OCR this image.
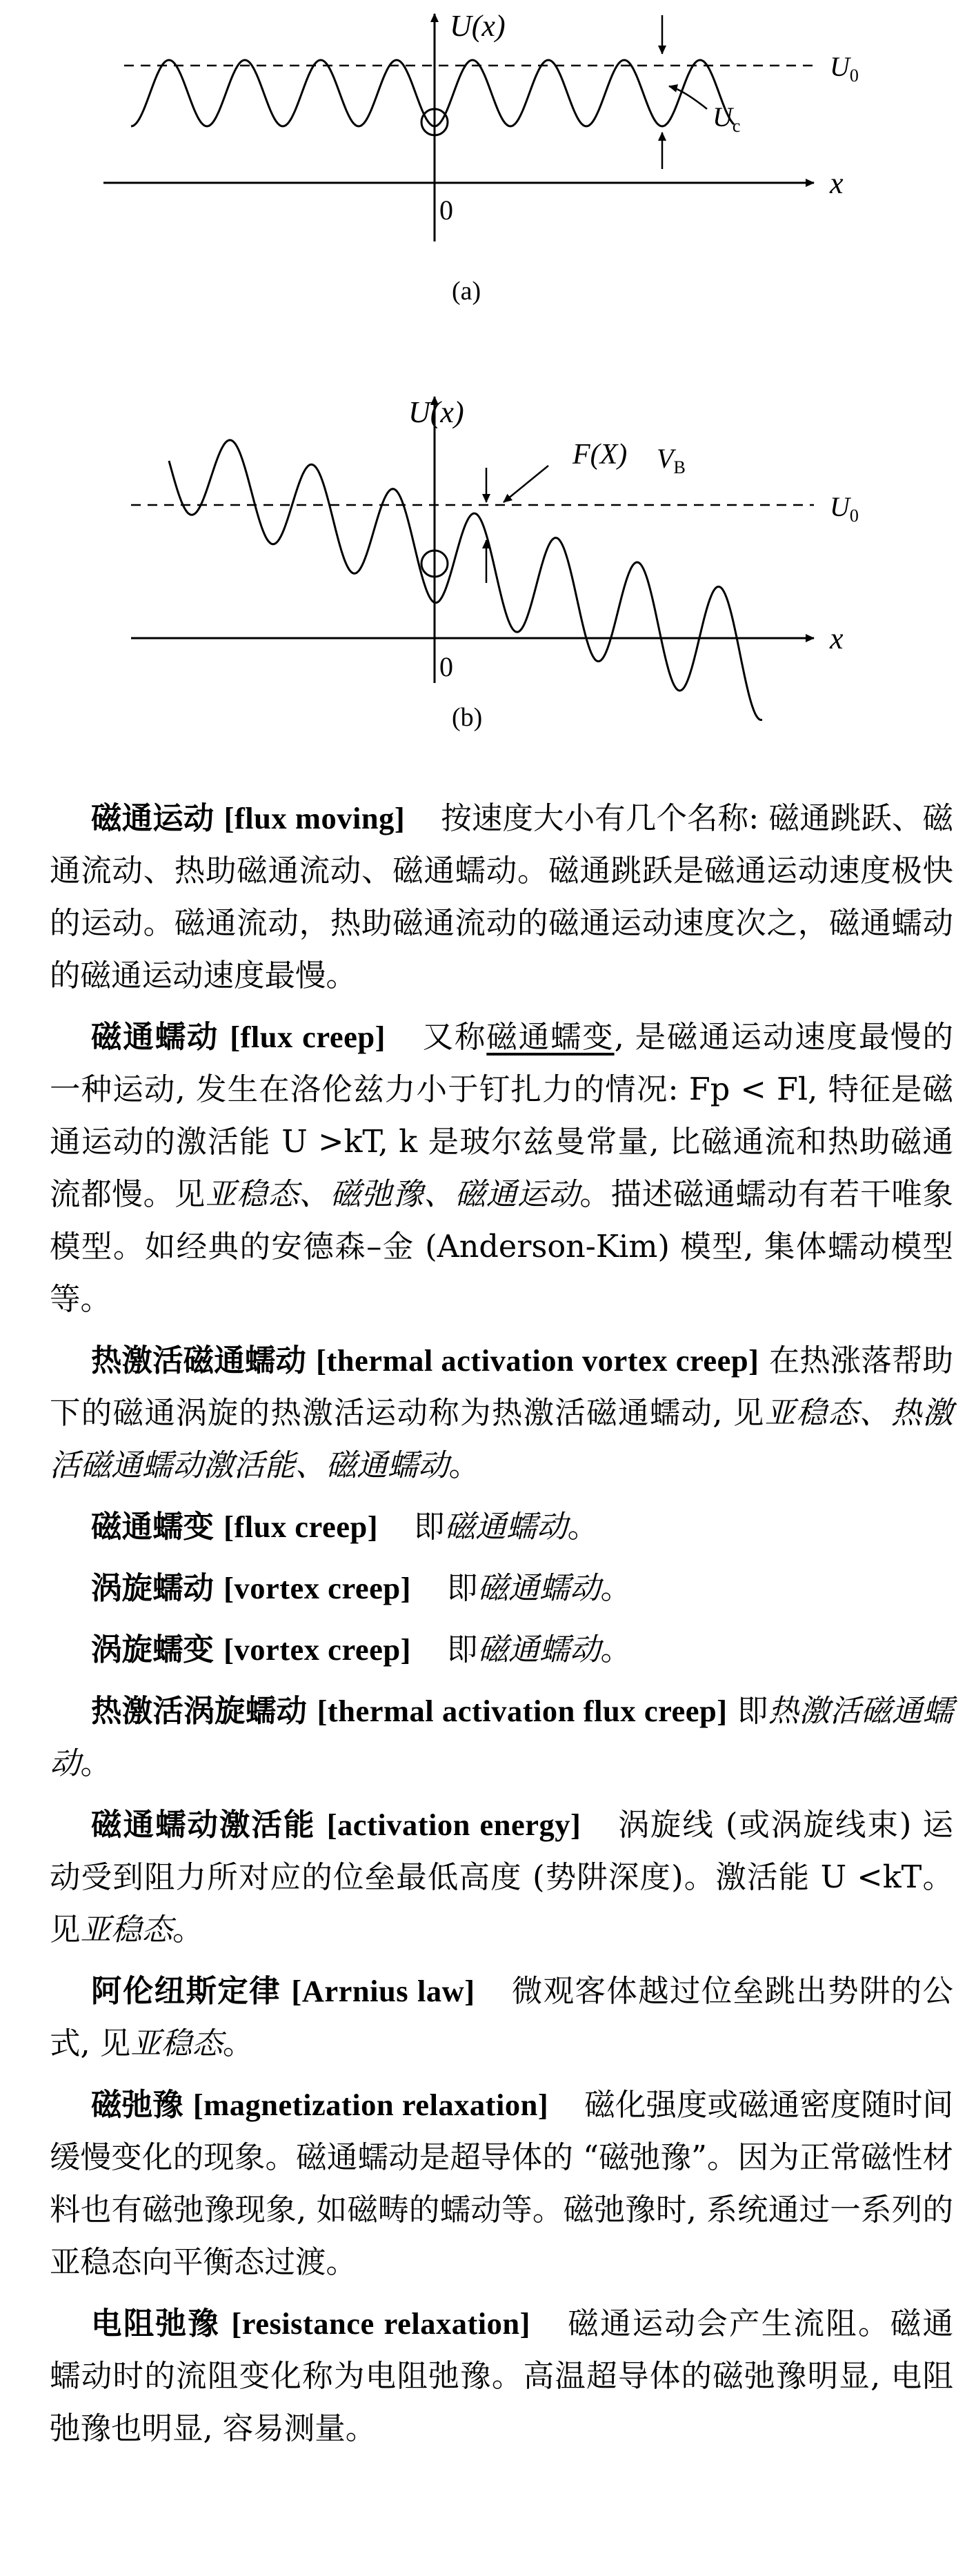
U(x)
x
0
$U_0$
$U_c$
(a)
U(x)
x
0
$U_0$
F(X) $V_B$
(b)

磁通运动 [flux moving] 按速度大小有几个名称: 磁通跳跃、磁通流动、热助磁通流动、磁通蠕动。磁通跳跃是磁通运动速度极快的运动。磁通流动，热助磁通流动的磁通运动速度次之，磁通蠕动的磁通运动速度最慢。

磁通蠕动 [flux creep] 又称磁通蠕变, 是磁通运动速度最慢的一种运动, 发生在洛伦兹力小于钉扎力的情况: Fp < Fl, 特征是磁通运动的激活能 U >kT, k 是玻尔兹曼常量, 比磁通流和热助磁通流都慢。见亚稳态、磁弛豫、磁通运动。描述磁通蠕动有若干唯象模型。如经典的安德森–金 (Anderson-Kim) 模型, 集体蠕动模型等。

热激活磁通蠕动 [thermal activation vortex creep] 在热涨落帮助下的磁通涡旋的热激活运动称为热激活磁通蠕动, 见亚稳态、热激活磁通蠕动激活能、磁通蠕动。

磁通蠕变 [flux creep] 即磁通蠕动。

涡旋蠕动 [vortex creep] 即磁通蠕动。

涡旋蠕变 [vortex creep] 即磁通蠕动。

热激活涡旋蠕动 [thermal activation flux creep] 即热激活磁通蠕动。

磁通蠕动激活能 [activation energy] 涡旋线 (或涡旋线束) 运动受到阻力所对应的位垒最低高度 (势阱深度)。激活能 U <kT。见亚稳态。

阿伦纽斯定律 [Arrnius law] 微观客体越过位垒跳出势阱的公式, 见亚稳态。

磁弛豫 [magnetization relaxation] 磁化强度或磁通密度随时间缓慢变化的现象。磁通蠕动是超导体的 “磁弛豫”。因为正常磁性材料也有磁弛豫现象, 如磁畴的蠕动等。磁弛豫时, 系统通过一系列的亚稳态向平衡态过渡。

电阻弛豫 [resistance relaxation] 磁通运动会产生流阻。磁通蠕动时的流阻变化称为电阻弛豫。高温超导体的磁弛豫明显, 电阻弛豫也明显, 容易测量。
